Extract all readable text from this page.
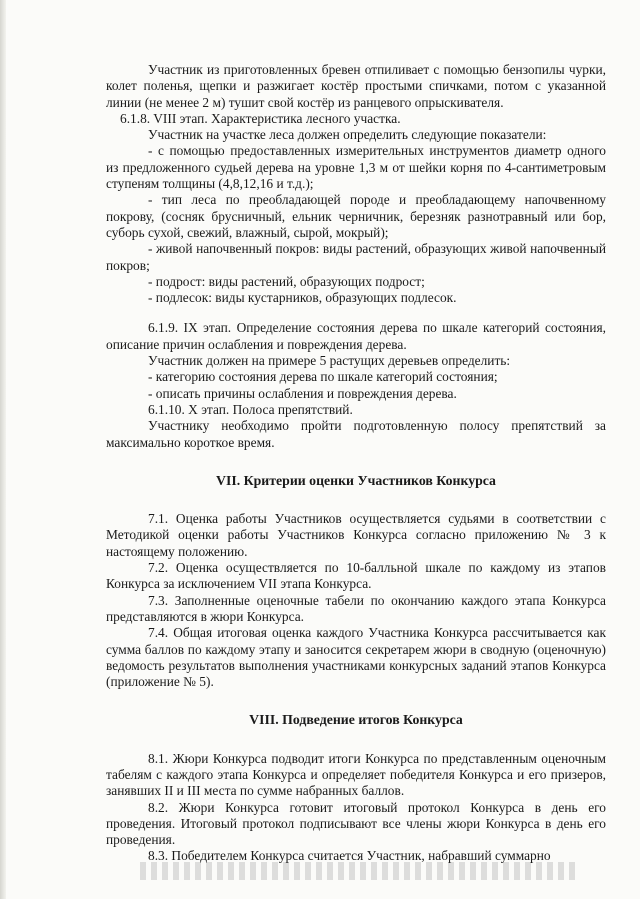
Участник из приготовленных бревен отпиливает с помощью бензопилы чурки, колет поленья, щепки и разжигает костёр простыми спичками, потом с указанной линии (не менее 2 м) тушит свой костёр из ранцевого опрыскивателя.

6.1.8. VIII этап. Характеристика лесного участка.

Участник на участке леса должен определить следующие показатели:

- с помощью предоставленных измерительных инструментов диаметр одного из предложенного судьей дерева на уровне 1,3 м от шейки корня по 4-сантиметровым ступеням толщины (4,8,12,16 и т.д.);

- тип леса по преобладающей породе и преобладающему напочвенному покрову, (сосняк брусничный, ельник черничник, березняк разнотравный или бор, суборь сухой, свежий, влажный, сырой, мокрый);

- живой напочвенный покров: виды растений, образующих живой напочвенный покров;

- подрост: виды растений, образующих подрост;

- подлесок: виды кустарников, образующих подлесок.

6.1.9. IX этап. Определение состояния дерева по шкале категорий состояния, описание причин ослабления и повреждения дерева.

Участник должен на примере 5 растущих деревьев определить:

- категорию состояния дерева по шкале категорий состояния;

- описать причины ослабления и повреждения дерева.

6.1.10. X этап. Полоса препятствий.

Участнику необходимо пройти подготовленную полосу препятствий за максимально короткое время.

VII. Критерии оценки Участников Конкурса

7.1. Оценка работы Участников осуществляется судьями в соответствии с Методикой оценки работы Участников Конкурса согласно приложению № 3 к настоящему положению.

7.2. Оценка осуществляется по 10-балльной шкале по каждому из этапов Конкурса за исключением VII этапа Конкурса.

7.3. Заполненные оценочные табели по окончанию каждого этапа Конкурса представляются в жюри Конкурса.

7.4. Общая итоговая оценка каждого Участника Конкурса рассчитывается как сумма баллов по каждому этапу и заносится секретарем жюри в сводную (оценочную) ведомость результатов выполнения участниками конкурсных заданий этапов Конкурса (приложение № 5).

VIII. Подведение итогов Конкурса

8.1. Жюри Конкурса подводит итоги Конкурса по представленным оценочным табелям с каждого этапа Конкурса и определяет победителя Конкурса и его призеров, занявших II и III места по сумме набранных баллов.

8.2. Жюри Конкурса готовит итоговый протокол Конкурса в день его проведения. Итоговый протокол подписывают все члены жюри Конкурса в день его проведения.

8.3. Победителем Конкурса считается Участник, набравший суммарно
